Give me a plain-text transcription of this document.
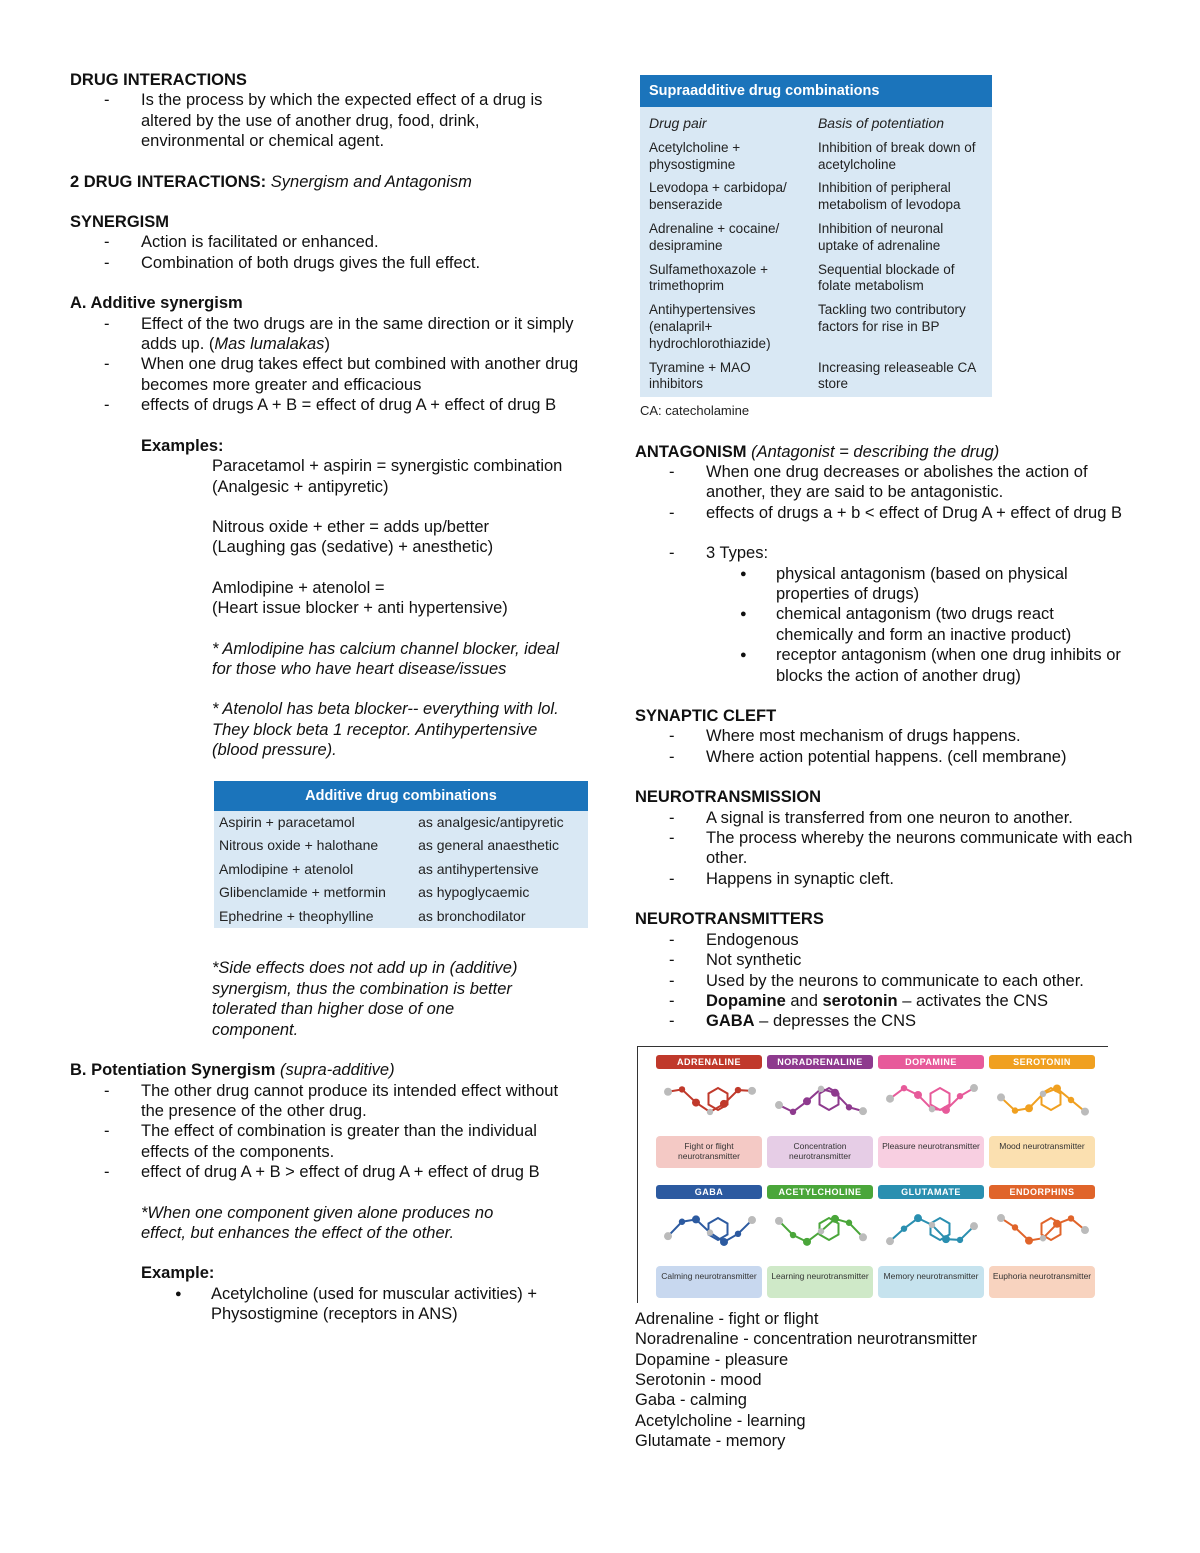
DRUG INTERACTIONS
- Is the process by which the expected effect of a drug is altered by the use of another drug, food, drink, environmental or chemical agent.
2 DRUG INTERACTIONS: Synergism and Antagonism
SYNERGISM
- Action is facilitated or enhanced.
- Combination of both drugs gives the full effect.
A. Additive synergism
- Effect of the two drugs are in the same direction or it simply adds up. (Mas lumalakas)
- When one drug takes effect but combined with another drug becomes more greater and efficacious
- effects of drugs A + B = effect of drug A + effect of drug B
Examples:
Paracetamol + aspirin = synergistic combination
(Analgesic + antipyretic)
Nitrous oxide + ether = adds up/better
(Laughing gas (sedative) + anesthetic)
Amlodipine + atenolol =
(Heart issue blocker + anti hypertensive)
* Amlodipine has calcium channel blocker, ideal for those who have heart disease/issues
* Atenolol has beta blocker-- everything with lol. They block beta 1 receptor. Antihypertensive (blood pressure).
Additive drug combinations
Aspirin + paracetamol	as analgesic/antipyretic
Nitrous oxide + halothane	as general anaesthetic
Amlodipine + atenolol	as antihypertensive
Glibenclamide + metformin	as hypoglycaemic
Ephedrine + theophylline	as bronchodilator
*Side effects does not add up in (additive) synergism, thus the combination is better tolerated than higher dose of one component.
B. Potentiation Synergism (supra-additive)
- The other drug cannot produce its intended effect without the presence of the other drug.
- The effect of combination is greater than the individual effects of the components.
- effect of drug A + B > effect of drug A + effect of drug B
*When one component given alone produces no effect, but enhances the effect of the other.
Example:
● Acetylcholine (used for muscular activities) + Physostigmine (receptors in ANS)
Supraadditive drug combinations
Drug pair	Basis of potentiation
Acetylcholine + physostigmine	Inhibition of break down of acetylcholine
Levodopa + carbidopa/ benserazide	Inhibition of peripheral metabolism of levodopa
Adrenaline + cocaine/ desipramine	Inhibition of neuronal uptake of adrenaline
Sulfamethoxazole + trimethoprim	Sequential blockade of folate metabolism
Antihypertensives (enalapril+ hydrochlorothiazide)	Tackling two contributory factors for rise in BP
Tyramine + MAO inhibitors	Increasing releaseable CA store
CA: catecholamine
ANTAGONISM (Antagonist = describing the drug)
- When one drug decreases or abolishes the action of another, they are said to be antagonistic.
- effects of drugs a + b < effect of Drug A + effect of drug B
- 3 Types:
● physical antagonism (based on physical properties of drugs)
● chemical antagonism (two drugs react chemically and form an inactive product)
● receptor antagonism (when one drug inhibits or blocks the action of another drug)
SYNAPTIC CLEFT
- Where most mechanism of drugs happens.
- Where action potential happens. (cell membrane)
NEUROTRANSMISSION
- A signal is transferred from one neuron to another.
- The process whereby the neurons communicate with each other.
- Happens in synaptic cleft.
NEUROTRANSMITTERS
- Endogenous
- Not synthetic
- Used by the neurons to communicate to each other.
- Dopamine and serotonin – activates the CNS
- GABA – depresses the CNS
ADRENALINE
Fight or flight neurotransmitter
NORADRENALINE
Concentration neurotransmitter
DOPAMINE
Pleasure neurotransmitter
SEROTONIN
Mood neurotransmitter
GABA
Calming neurotransmitter
ACETYLCHOLINE
Learning neurotransmitter
GLUTAMATE
Memory neurotransmitter
ENDORPHINS
Euphoria neurotransmitter
Adrenaline - fight or flight
Noradrenaline - concentration neurotransmitter
Dopamine - pleasure
Serotonin - mood
Gaba - calming
Acetylcholine - learning
Glutamate - memory
